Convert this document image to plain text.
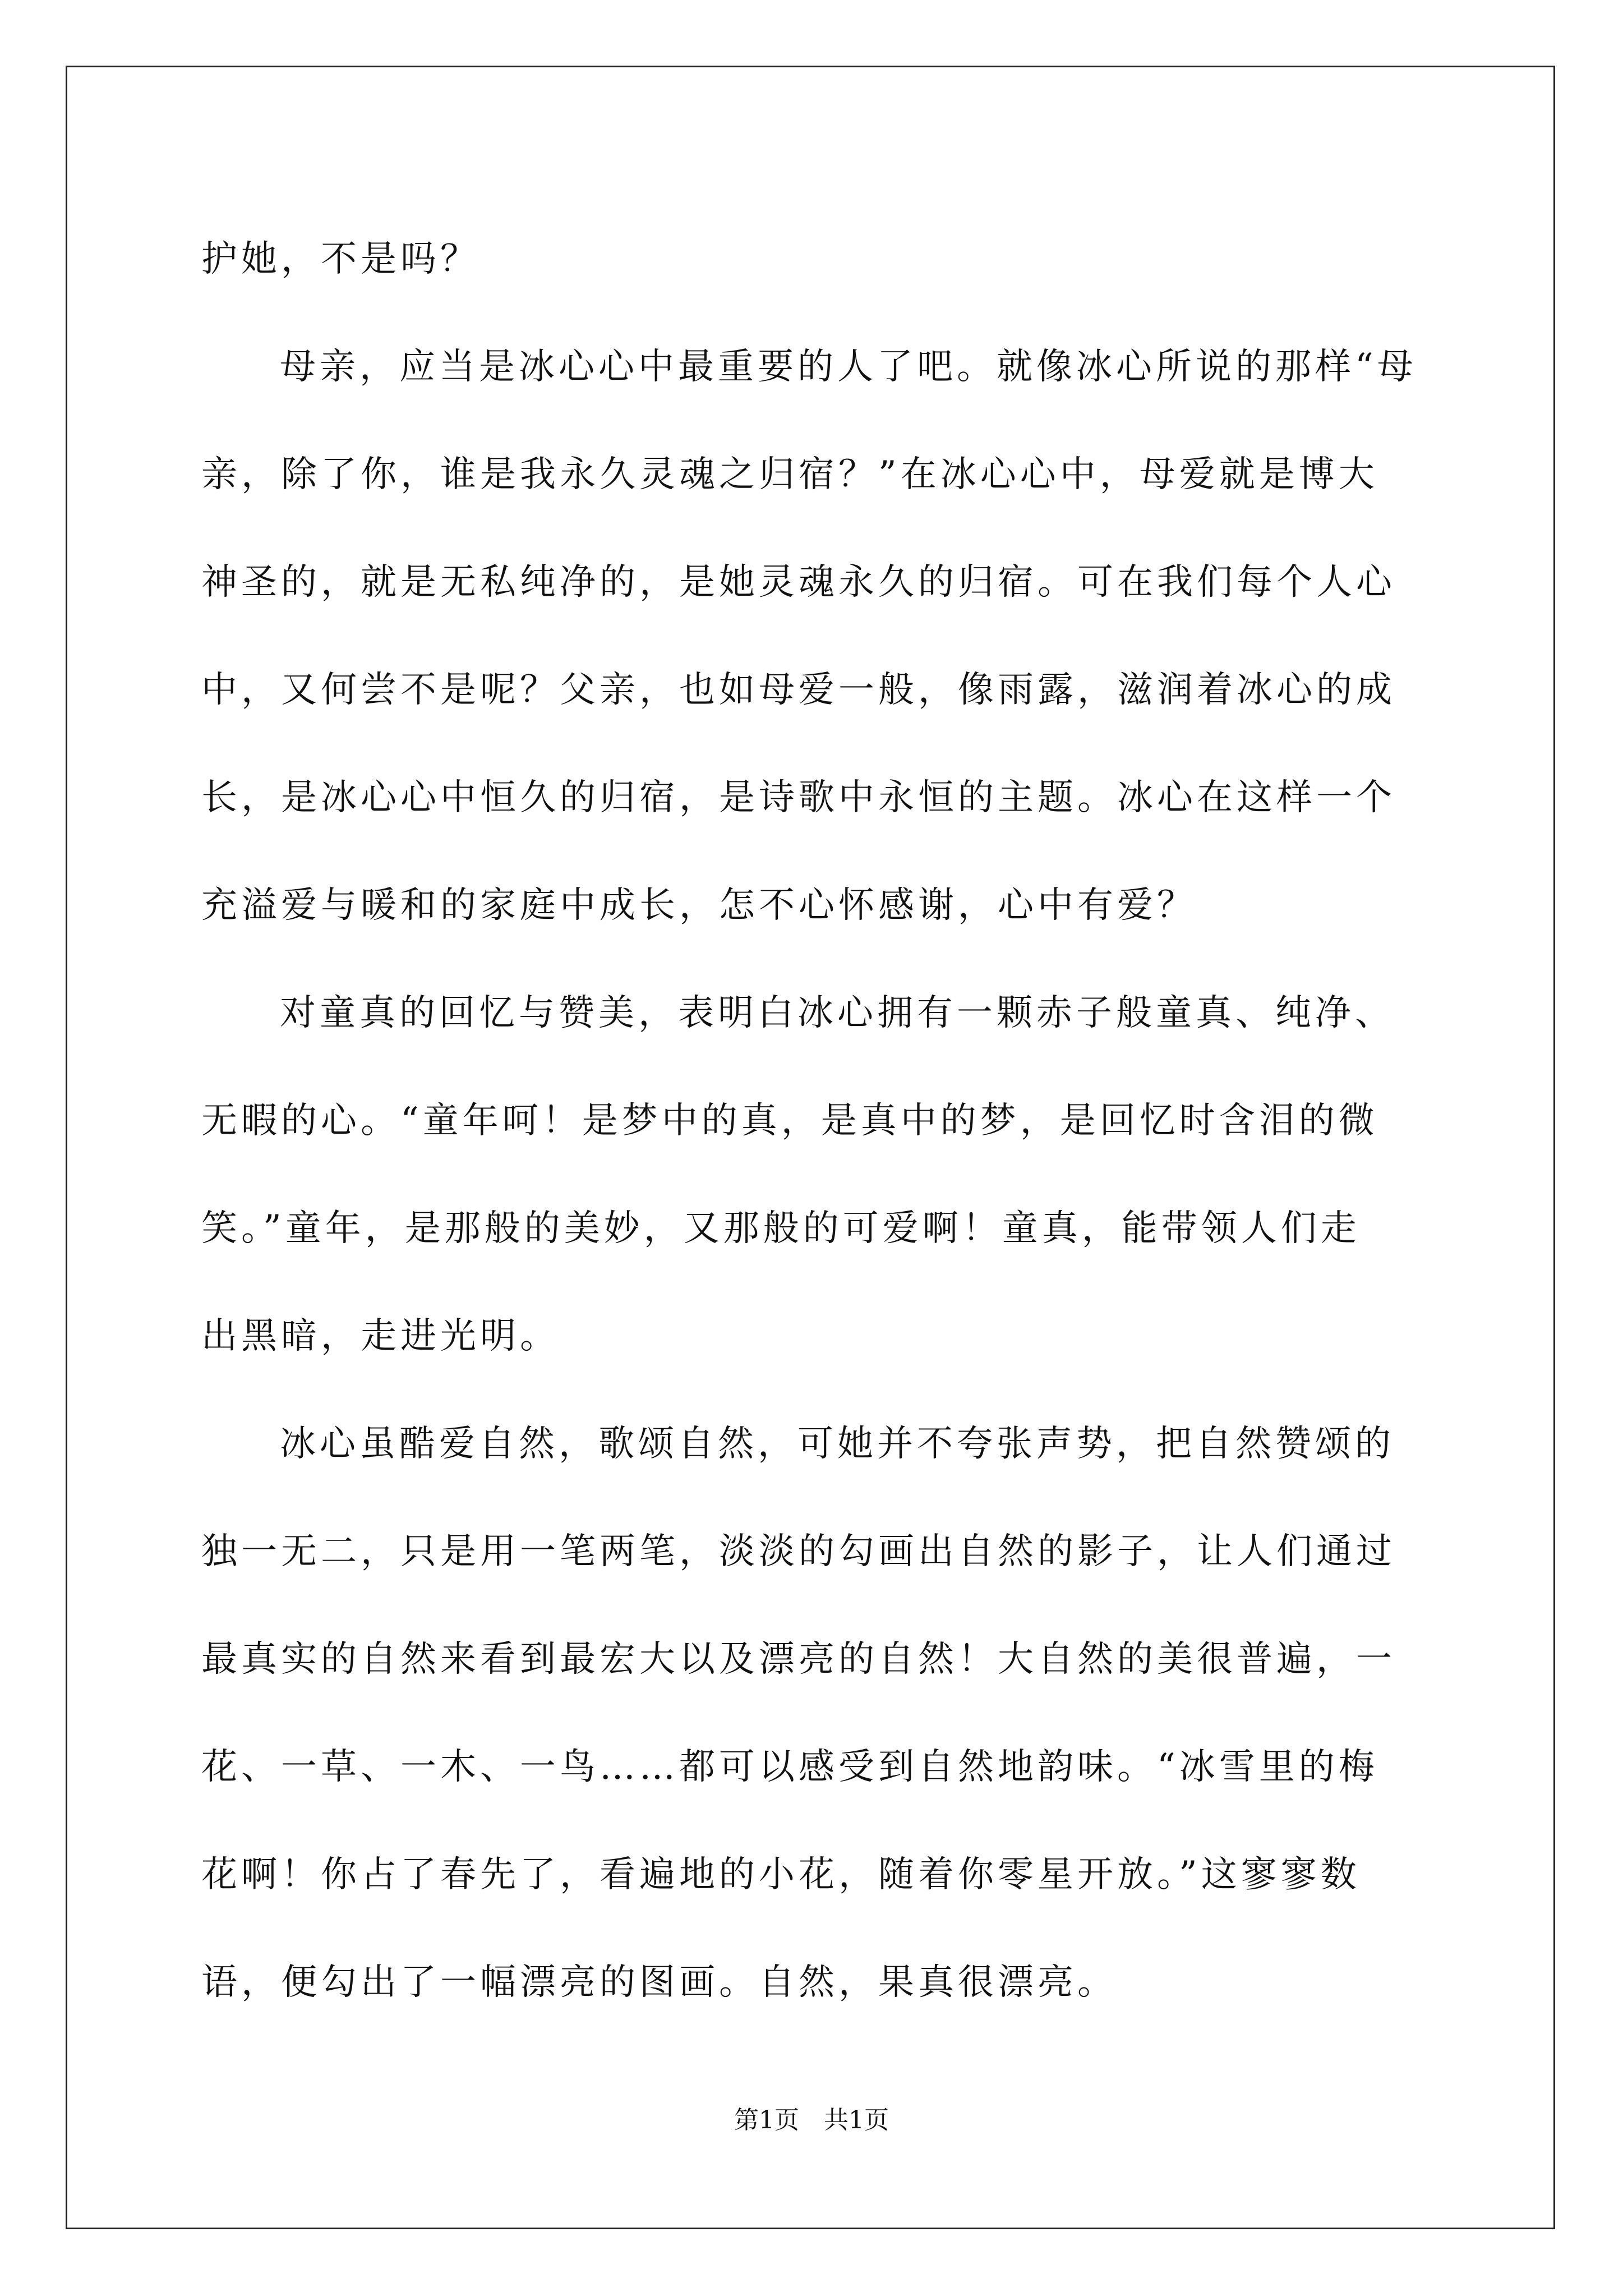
护她，不是吗？
母亲，应当是冰心心中最重要的人了吧。就像冰心所说的那样“母
亲，除了你，谁是我永久灵魂之归宿？”在冰心心中，母爱就是博大
神圣的，就是无私纯净的，是她灵魂永久的归宿。可在我们每个人心
中，又何尝不是呢？父亲，也如母爱一般，像雨露，滋润着冰心的成
长，是冰心心中恒久的归宿，是诗歌中永恒的主题。冰心在这样一个
充溢爱与暖和的家庭中成长，怎不心怀感谢，心中有爱？
对童真的回忆与赞美，表明白冰心拥有一颗赤子般童真、纯净、
无暇的心。“童年呵！是梦中的真，是真中的梦，是回忆时含泪的微
笑。”童年，是那般的美妙，又那般的可爱啊！童真，能带领人们走
出黑暗，走进光明。
冰心虽酷爱自然，歌颂自然，可她并不夸张声势，把自然赞颂的
独一无二，只是用一笔两笔，淡淡的勾画出自然的影子，让人们通过
最真实的自然来看到最宏大以及漂亮的自然！大自然的美很普遍，一
花、一草、一木、一鸟……都可以感受到自然地韵味。“冰雪里的梅
花啊！你占了春先了，看遍地的小花，随着你零星开放。”这寥寥数
语，便勾出了一幅漂亮的图画。自然，果真很漂亮。
第1页　共1页
